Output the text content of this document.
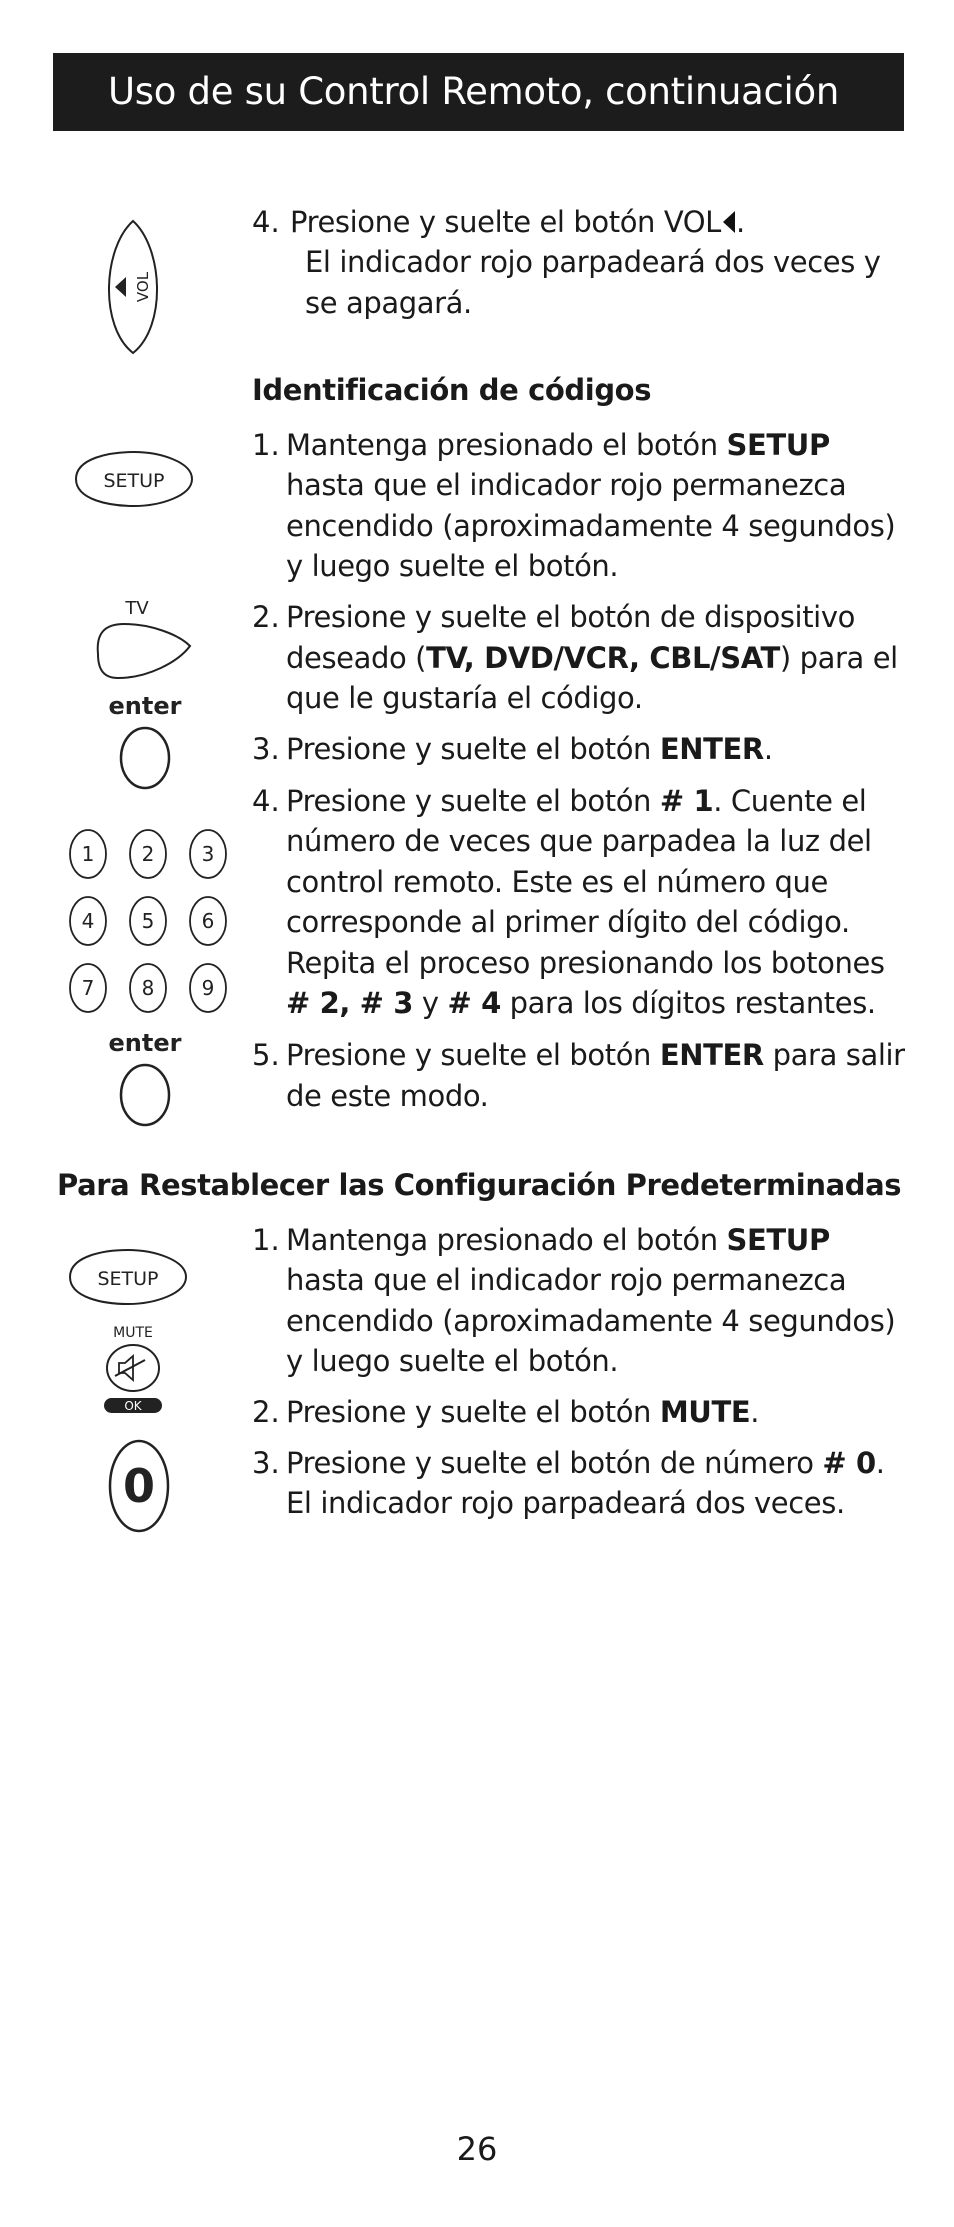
Uso de su Control Remoto, continuación
VOL
4. Presione y suelte el botón VOL .
El indicador rojo parpadeará dos veces y
se apagará.
Identificación de códigos
SETUP
1. Mantenga presionado el botón SETUP
hasta que el indicador rojo permanezca
encendido (aproximadamente 4 segundos)
y luego suelte el botón.
TV
enter
2. Presione y suelte el botón de dispositivo
deseado (TV, DVD/VCR, CBL/SAT) para el
que le gustaría el código.
3. Presione y suelte el botón ENTER.
1 2 3
4 5 6
7 8 9
enter
4. Presione y suelte el botón # 1. Cuente el
número de veces que parpadea la luz del
control remoto. Este es el número que
corresponde al primer dígito del código.
Repita el proceso presionando los botones
# 2, # 3 y # 4 para los dígitos restantes.
5. Presione y suelte el botón ENTER para salir
de este modo.
Para Restablecer las Configuración Predeterminadas
SETUP
MUTE
OK
0
1. Mantenga presionado el botón SETUP
hasta que el indicador rojo permanezca
encendido (aproximadamente 4 segundos)
y luego suelte el botón.
2. Presione y suelte el botón MUTE.
3. Presione y suelte el botón de número # 0.
El indicador rojo parpadeará dos veces.
26
